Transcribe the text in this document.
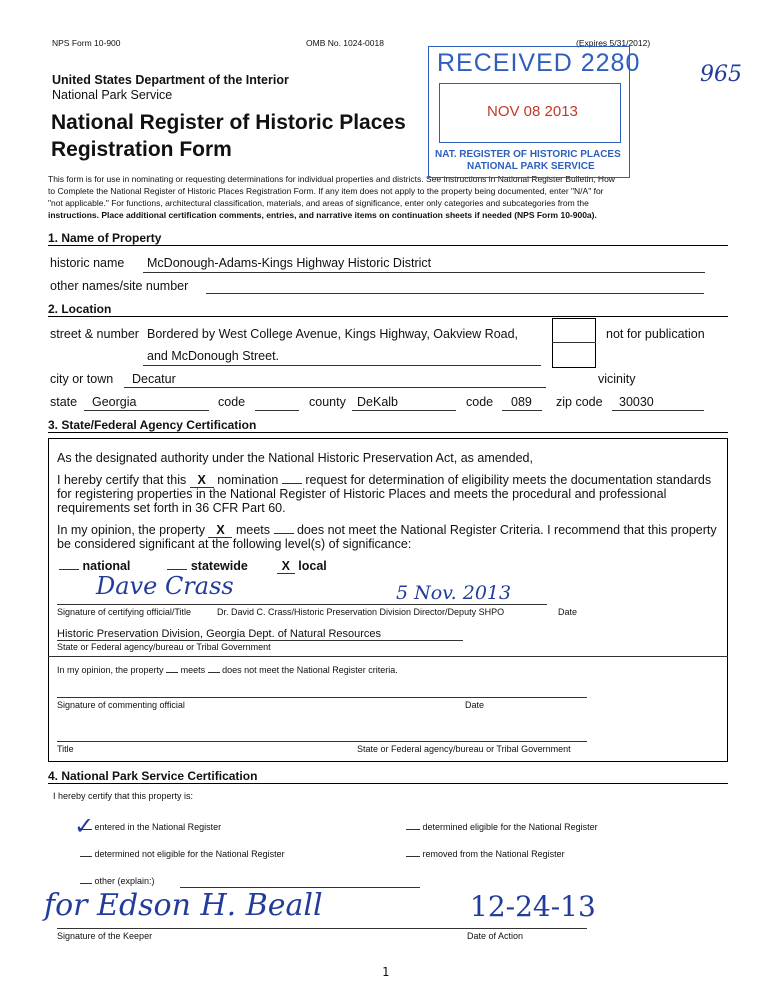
NPS Form 10-900	OMB No. 1024-0018	(Expires 5/31/2012)
United States Department of the Interior
National Park Service
National Register of Historic Places
Registration Form
This form is for use in nominating or requesting determinations for individual properties and districts. See instructions in National Register Bulletin, How
to Complete the National Register of Historic Places Registration Form. If any item does not apply to the property being documented, enter "N/A" for
"not applicable." For functions, architectural classification, materials, and areas of significance, enter only categories and subcategories from the
instructions. Place additional certification comments, entries, and narrative items on continuation sheets if needed (NPS Form 10-900a).
RECEIVED 2280
NOV 08 2013
NAT. REGISTER OF HISTORIC PLACES
NATIONAL PARK SERVICE
965
1. Name of Property
historic name McDonough-Adams-Kings Highway Historic District
other names/site number
2. Location
street & number Bordered by West College Avenue, Kings Highway, Oakview Road,
and McDonough Street.
not for publication
city or town Decatur	vicinity
state Georgia	code	county DeKalb	code 089 zip code 30030
3. State/Federal Agency Certification
As the designated authority under the National Historic Preservation Act, as amended,
I hereby certify that this X nomination request for determination of eligibility meets the documentation standards
for registering properties in the National Register of Historic Places and meets the procedural and professional
requirements set forth in 36 CFR Part 60.
In my opinion, the property X meets does not meet the National Register Criteria. I recommend that this property
be considered significant at the following level(s) of significance:
national	statewide	X local
Dave Crass	5 Nov. 2013
Signature of certifying official/Title	Dr. David C. Crass/Historic Preservation Division Director/Deputy SHPO	Date
Historic Preservation Division, Georgia Dept. of Natural Resources
State or Federal agency/bureau or Tribal Government
In my opinion, the property meets does not meet the National Register criteria.
Signature of commenting official	Date
Title	State or Federal agency/bureau or Tribal Government
4. National Park Service Certification
I hereby certify that this property is:
✓ entered in the National Register	determined eligible for the National Register
determined not eligible for the National Register	removed from the National Register
other (explain:)
for Edson H. Beall	12-24-13
Signature of the Keeper	Date of Action
1
